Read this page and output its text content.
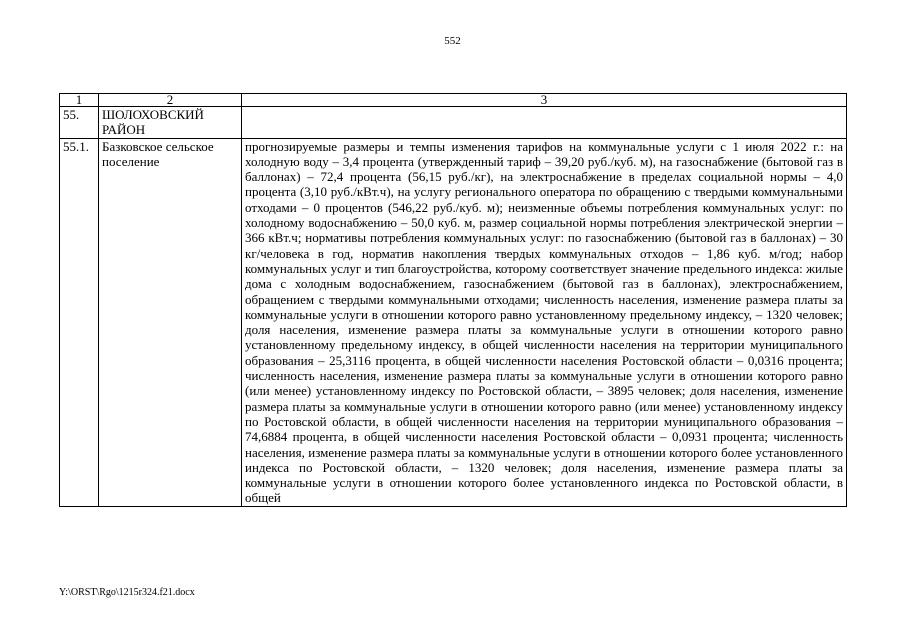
552
1	2	3
55.	ШОЛОХОВСКИЙ РАЙОН	
55.1.	Базковское сельское поселение	прогнозируемые размеры и темпы изменения тарифов на коммунальные услуги с 1 июля 2022 г.: на холодную воду – 3,4 процента (утвержденный тариф – 39,20 руб./куб. м), на газоснабжение (бытовой газ в баллонах) – 72,4 процента (56,15 руб./кг), на электроснабжение в пределах социальной нормы – 4,0 процента (3,10 руб./кВт.ч), на услугу регионального оператора по обращению с твердыми коммунальными отходами – 0 процентов (546,22 руб./куб. м); неизменные объемы потребления коммунальных услуг: по холодному водоснабжению – 50,0 куб. м, размер социальной нормы потребления электрической энергии – 366 кВт.ч; нормативы потребления коммунальных услуг: по газоснабжению (бытовой газ в баллонах) – 30 кг/человека в год, норматив накопления твердых коммунальных отходов – 1,86 куб. м/год; набор коммунальных услуг и тип благоустройства, которому соответствует значение предельного индекса: жилые дома с холодным водоснабжением, газоснабжением (бытовой газ в баллонах), электроснабжением, обращением с твердыми коммунальными отходами; численность населения, изменение размера платы за коммунальные услуги в отношении которого равно установленному предельному индексу, – 1320 человек; доля населения, изменение размера платы за коммунальные услуги в отношении которого равно установленному предельному индексу, в общей численности населения на территории муниципального образования – 25,3116 процента, в общей численности населения Ростовской области – 0,0316 процента; численность населения, изменение размера платы за коммунальные услуги в отношении которого равно (или менее) установленному индексу по Ростовской области, – 3895 человек; доля населения, изменение размера платы за коммунальные услуги в отношении которого равно (или менее) установленному индексу по Ростовской области, в общей численности населения на территории муниципального образования – 74,6884 процента, в общей численности населения Ростовской области – 0,0931 процента; численность населения, изменение размера платы за коммунальные услуги в отношении которого более установленного индекса по Ростовской области, – 1320 человек; доля населения, изменение размера платы за коммунальные услуги в отношении которого более установленного индекса по Ростовской области, в общей
Y:\ORST\Rgo\1215r324.f21.docx
